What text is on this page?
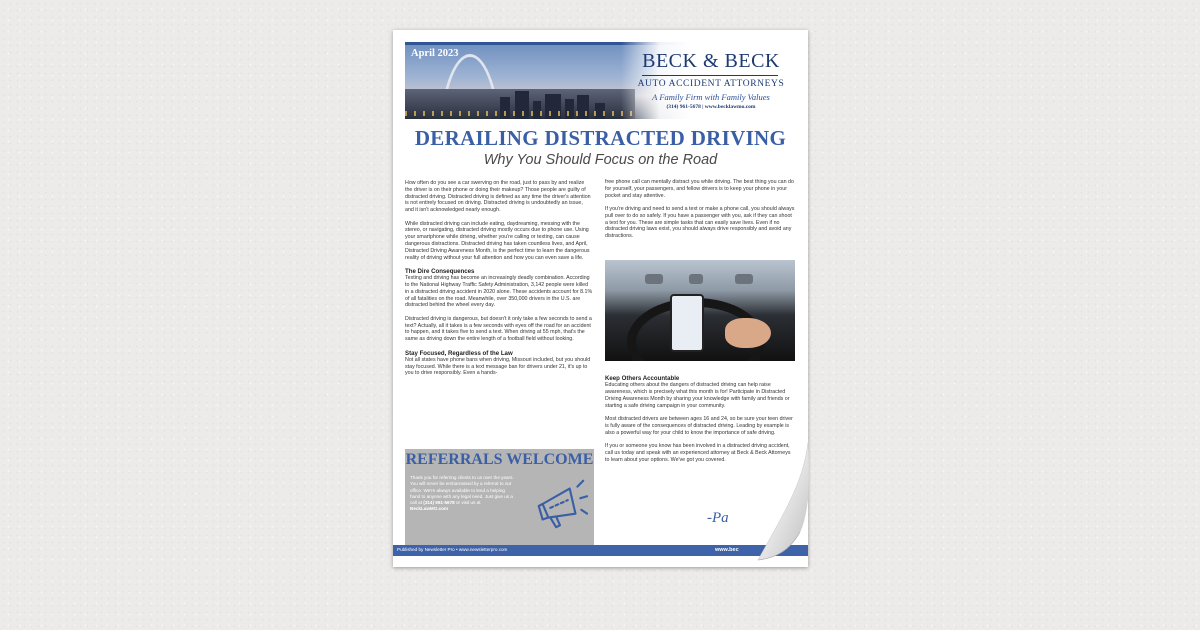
April 2023	BECK & BECK
AUTO ACCIDENT ATTORNEYS
A Family Firm with Family Values
(314) 961-5678 | www.becklawmo.com
DERAILING DISTRACTED DRIVING
Why You Should Focus on the Road

How often do you see a car swerving on the road, just to pass by and realize the driver is on their phone or doing their makeup? Those people are guilty of distracted driving. Distracted driving is defined as any time the driver's attention is not entirely focused on driving. Distracted driving is undoubtedly an issue, and it isn't acknowledged nearly enough.

While distracted driving can include eating, daydreaming, messing with the stereo, or navigating, distracted driving mostly occurs due to phone use. Using your smartphone while driving, whether you're calling or texting, can cause dangerous distractions. Distracted driving has taken countless lives, and April, Distracted Driving Awareness Month, is the perfect time to learn the dangerous reality of driving without your full attention and how you can even save a life.

The Dire Consequences

Texting and driving has become an increasingly deadly combination. According to the National Highway Traffic Safety Administration, 3,142 people were killed in a distracted driving accident in 2020 alone. These accidents account for 8.1% of all fatalities on the road. Meanwhile, over 350,000 drivers in the U.S. are distracted behind the wheel every day.

Distracted driving is dangerous, but doesn't it only take a few seconds to send a text? Actually, all it takes is a few seconds with eyes off the road for an accident to happen, and it takes five to send a text. When driving at 55 mph, that's the same as driving down the entire length of a football field without looking.

Stay Focused, Regardless of the Law

Not all states have phone bans when driving, Missouri included, but you should stay focused. While there is a text message ban for drivers under 21, it's up to you to drive responsibly. Even a hands-

free phone call can mentally distract you while driving. The best thing you can do for yourself, your passengers, and fellow drivers is to keep your phone in your pocket and stay attentive.

If you're driving and need to send a text or make a phone call, you should always pull over to do so safely. If you have a passenger with you, ask if they can shoot a text for you. These are simple tasks that can easily save lives. Even if no distracted driving laws exist, you should always drive responsibly and avoid any distractions.

Keep Others Accountable

Educating others about the dangers of distracted driving can help raise awareness, which is precisely what this month is for! Participate in Distracted Driving Awareness Month by sharing your knowledge with family and friends or starting a safe driving campaign in your community.

Most distracted drivers are between ages 16 and 24, so be sure your teen driver is fully aware of the consequences of distracted driving. Leading by example is also a powerful way for your child to know the importance of safe driving.

If you or someone you know has been involved in a distracted driving accident, call us today and speak with an experienced attorney at Beck & Beck Attorneys to learn about your options. We've got you covered.

-Pa
REFERRALS WELCOME
Thank you for referring clients to us over the years. You will never be embarrassed by a referral to our office. We're always available to lend a helping hand to anyone with any legal need. Just give us a call at (314) 961-5678 or visit us at BeckLawMO.com
Published by Newsletter Pro • www.newsletterpro.com	www.bec
